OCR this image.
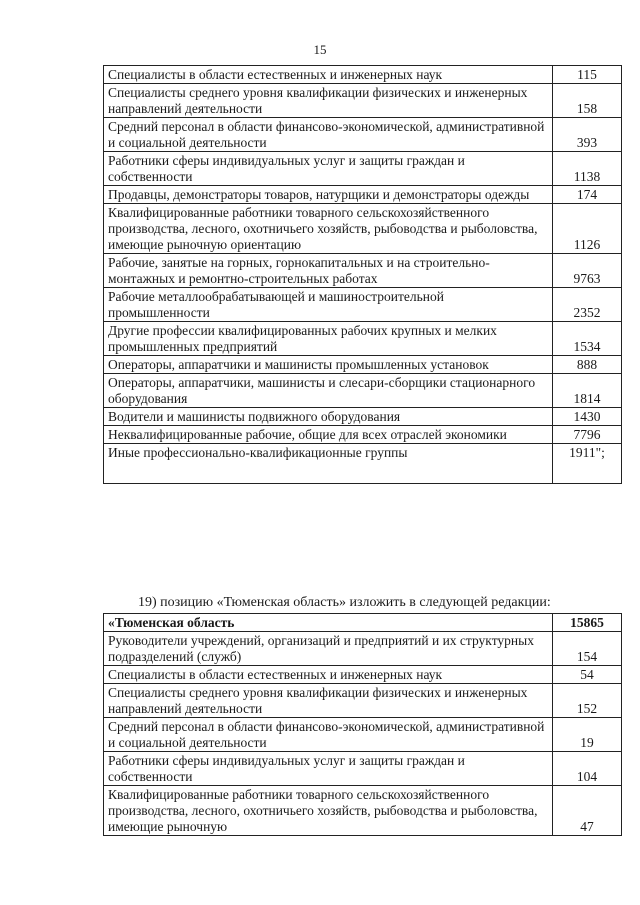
15
Специалисты в области естественных и инженерных наук	115
Специалисты среднего уровня квалификации физических и инженерных направлений деятельности	158
Средний персонал в области финансово-экономической, административной и социальной деятельности	393
Работники сферы индивидуальных услуг и защиты граждан и собственности	1138
Продавцы, демонстраторы товаров, натурщики и демонстраторы одежды	174
Квалифицированные работники товарного сельскохозяйственного производства, лесного, охотничьего хозяйств, рыбоводства и рыболовства, имеющие рыночную ориентацию	1126
Рабочие, занятые на горных, горнокапитальных и на строительно-монтажных и ремонтно-строительных работах	9763
Рабочие металлообрабатывающей и машиностроительной промышленности	2352
Другие профессии квалифицированных рабочих крупных и мелких промышленных предприятий	1534
Операторы, аппаратчики и машинисты промышленных установок	888
Операторы, аппаратчики, машинисты и слесари-сборщики стационарного оборудования	1814
Водители и машинисты подвижного оборудования	1430
Неквалифицированные рабочие, общие для всех отраслей экономики	7796
Иные профессионально-квалификационные группы	1911";
19) позицию «Тюменская область» изложить в следующей редакции:
«Тюменская область	15865
Руководители учреждений, организаций и предприятий и их структурных подразделений (служб)	154
Специалисты в области естественных и инженерных наук	54
Специалисты среднего уровня квалификации физических и инженерных направлений деятельности	152
Средний персонал в области финансово-экономической, административной и социальной деятельности	19
Работники сферы индивидуальных услуг и защиты граждан и собственности	104
Квалифицированные работники товарного сельскохозяйственного производства, лесного, охотничьего хозяйств, рыбоводства и рыболовства, имеющие рыночную	47
